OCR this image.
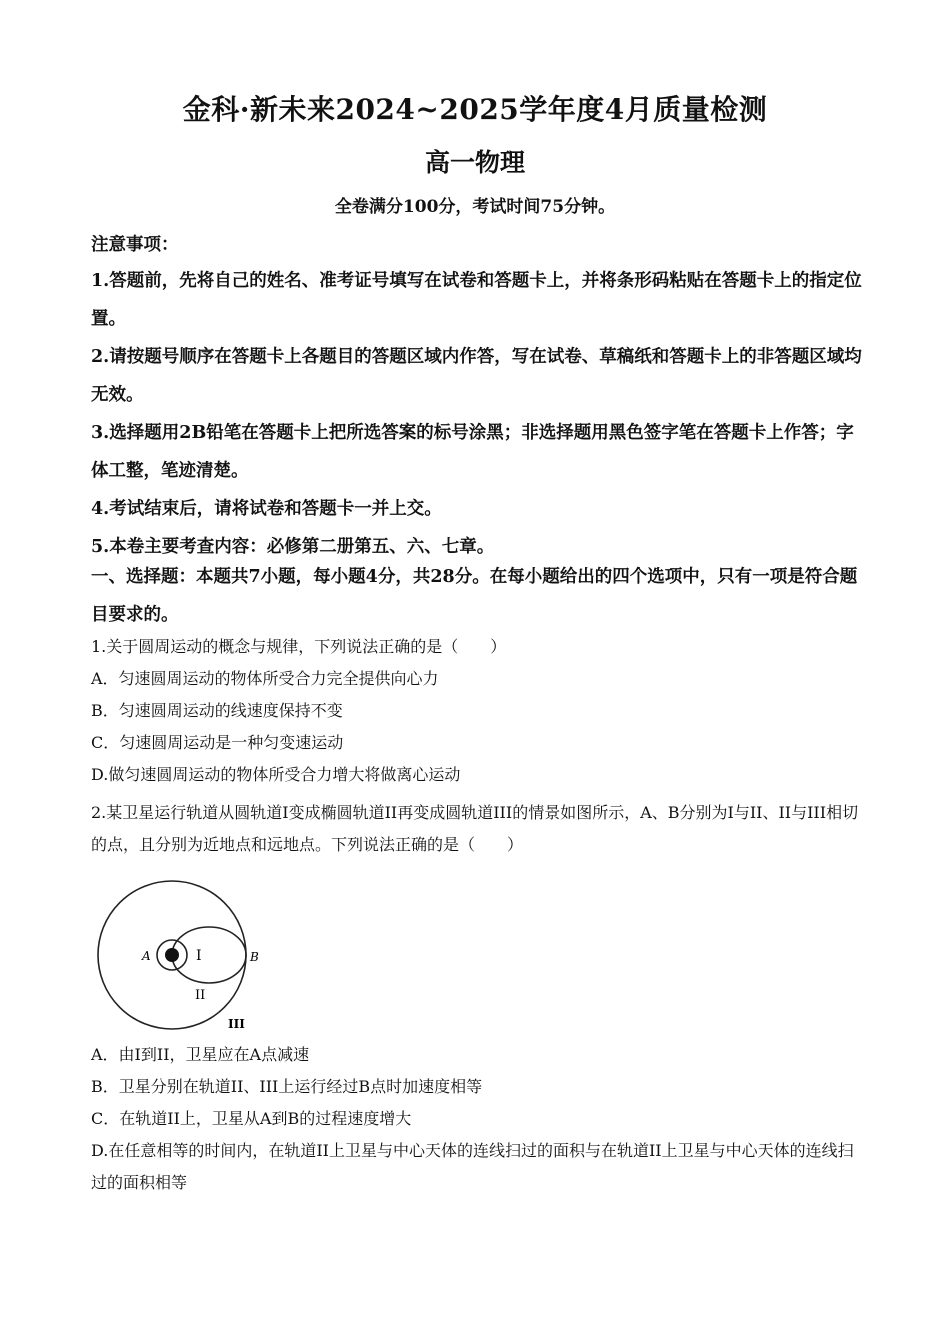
金科·新未来2024~2025学年度4月质量检测
高一物理
全卷满分100分，考试时间75分钟。
注意事项：

1.答题前，先将自己的姓名、准考证号填写在试卷和答题卡上，并将条形码粘贴在答题卡上的指定位置。

2.请按题号顺序在答题卡上各题目的答题区域内作答，写在试卷、草稿纸和答题卡上的非答题区域均无效。

3.选择题用2B铅笔在答题卡上把所选答案的标号涂黑；非选择题用黑色签字笔在答题卡上作答；字体工整，笔迹清楚。

4.考试结束后，请将试卷和答题卡一并上交。

5.本卷主要考查内容：必修第二册第五、六、七章。

一、选择题：本题共7小题，每小题4分，共28分。在每小题给出的四个选项中，只有一项是符合题目要求的。

1.关于圆周运动的概念与规律，下列说法正确的是（　　）

A．匀速圆周运动的物体所受合力完全提供向心力

B．匀速圆周运动的线速度保持不变

C．匀速圆周运动是一种匀变速运动

D.做匀速圆周运动的物体所受合力增大将做离心运动

2.某卫星运行轨道从圆轨道I变成椭圆轨道II再变成圆轨道III的情景如图所示，A、B分别为I与II、II与III相切的点，且分别为近地点和远地点。下列说法正确的是（　　）

A	I	B
II
III

A．由I到II，卫星应在A点减速

B．卫星分别在轨道II、III上运行经过B点时加速度相等

C．在轨道II上，卫星从A到B的过程速度增大

D.在任意相等的时间内，在轨道II上卫星与中心天体的连线扫过的面积与在轨道II上卫星与中心天体的连线扫过的面积相等
